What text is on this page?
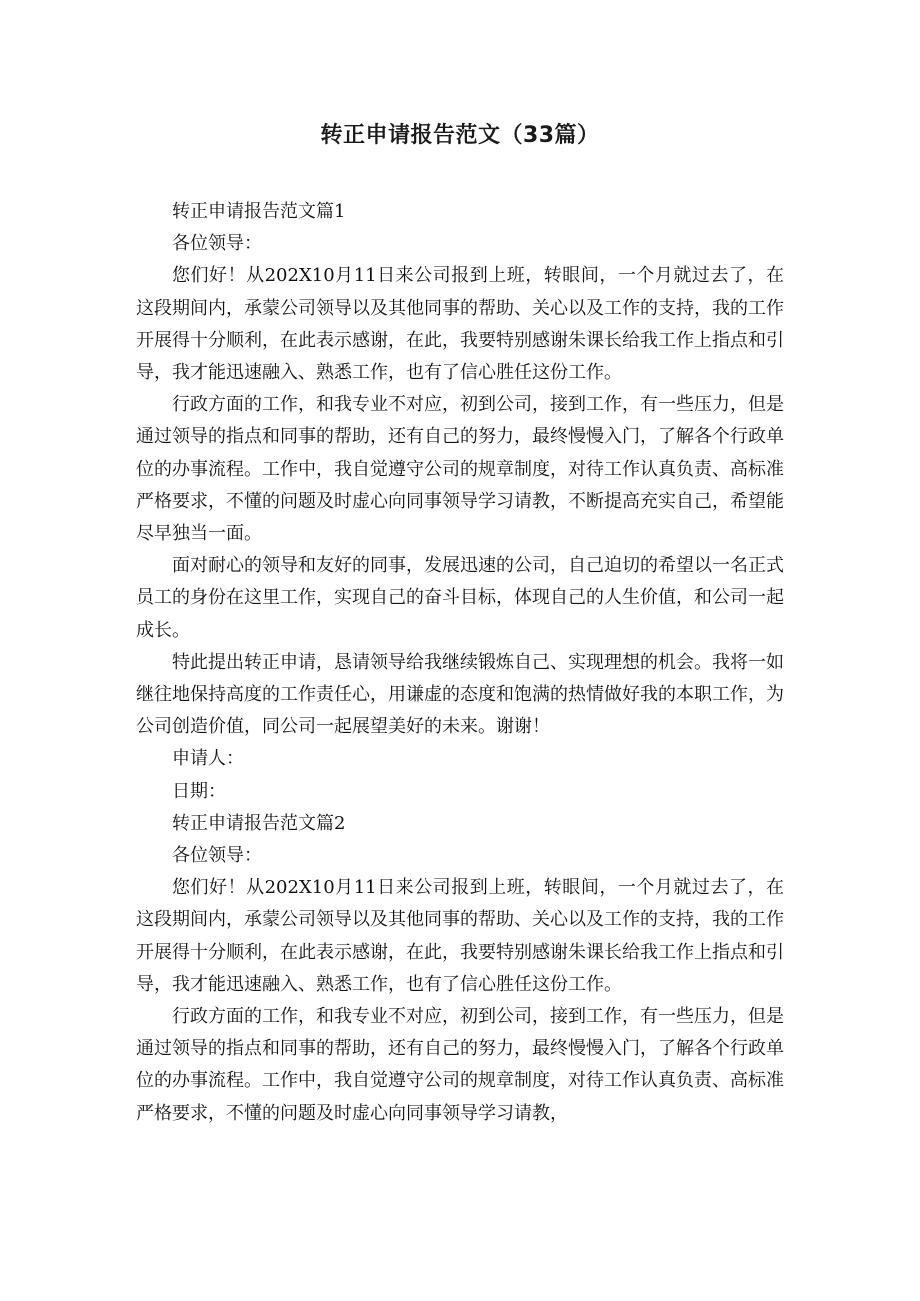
转正申请报告范文（33篇）

转正申请报告范文篇1

各位领导：

您们好！从202X10月11日来公司报到上班，转眼间，一个月就过去了，在这段期间内，承蒙公司领导以及其他同事的帮助、关心以及工作的支持，我的工作开展得十分顺利，在此表示感谢，在此，我要特别感谢朱课长给我工作上指点和引导，我才能迅速融入、熟悉工作，也有了信心胜任这份工作。

行政方面的工作，和我专业不对应，初到公司，接到工作，有一些压力，但是通过领导的指点和同事的帮助，还有自己的努力，最终慢慢入门，了解各个行政单位的办事流程。工作中，我自觉遵守公司的规章制度，对待工作认真负责、高标准严格要求，不懂的问题及时虚心向同事领导学习请教，不断提高充实自己，希望能尽早独当一面。

面对耐心的领导和友好的同事，发展迅速的公司，自己迫切的希望以一名正式员工的身份在这里工作，实现自己的奋斗目标，体现自己的人生价值，和公司一起成长。

特此提出转正申请，恳请领导给我继续锻炼自己、实现理想的机会。我将一如继往地保持高度的工作责任心，用谦虚的态度和饱满的热情做好我的本职工作，为公司创造价值，同公司一起展望美好的未来。谢谢！

申请人：

日期：

转正申请报告范文篇2

各位领导：

您们好！从202X10月11日来公司报到上班，转眼间，一个月就过去了，在这段期间内，承蒙公司领导以及其他同事的帮助、关心以及工作的支持，我的工作开展得十分顺利，在此表示感谢，在此，我要特别感谢朱课长给我工作上指点和引导，我才能迅速融入、熟悉工作，也有了信心胜任这份工作。

行政方面的工作，和我专业不对应，初到公司，接到工作，有一些压力，但是通过领导的指点和同事的帮助，还有自己的努力，最终慢慢入门，了解各个行政单位的办事流程。工作中，我自觉遵守公司的规章制度，对待工作认真负责、高标准严格要求，不懂的问题及时虚心向同事领导学习请教，
